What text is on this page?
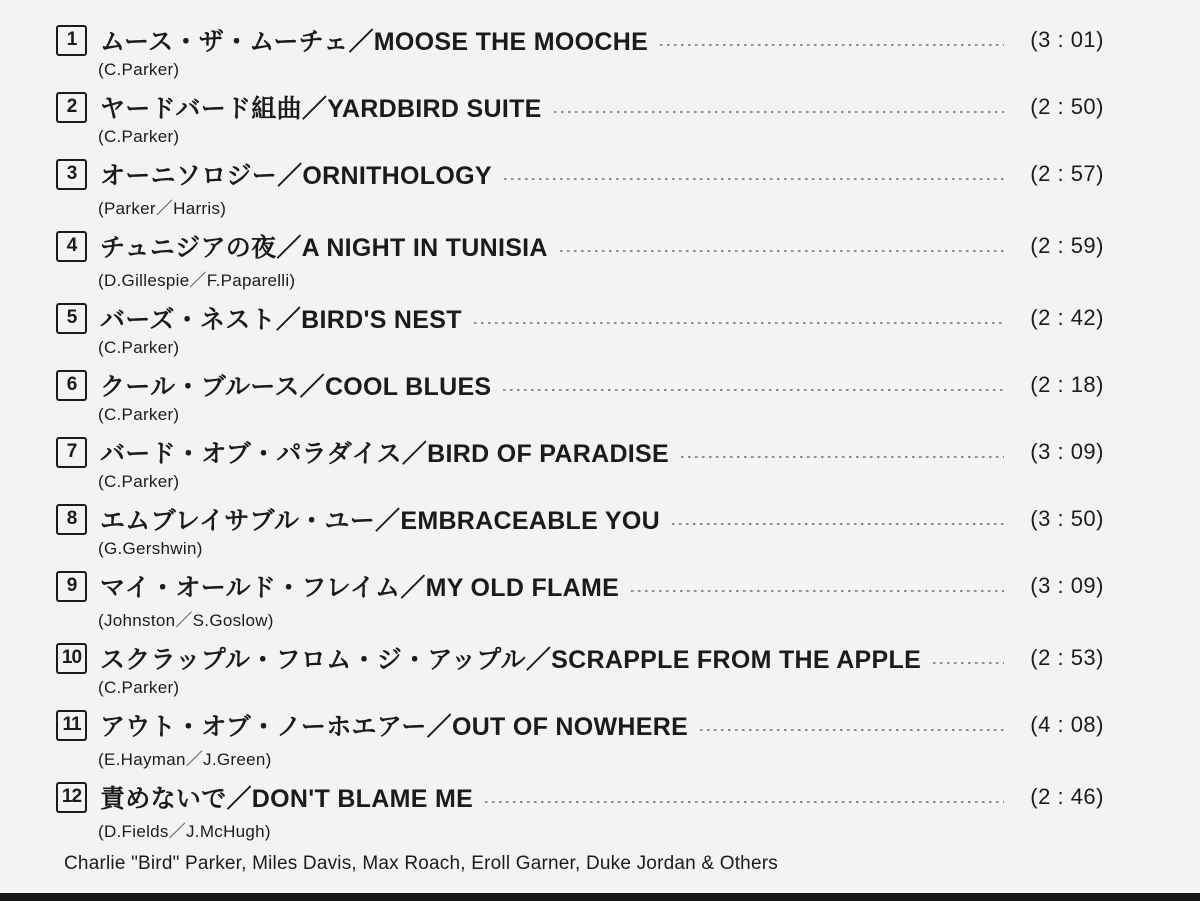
1 ムース・ザ・ムーチェ／MOOSE THE MOOCHE	(3 : 01)
(C.Parker)
2 ヤードバード組曲／YARDBIRD SUITE	(2 : 50)
(C.Parker)
3 オーニソロジー／ORNITHOLOGY	(2 : 57)
(Parker／Harris)
4 チュニジアの夜／A NIGHT IN TUNISIA	(2 : 59)
(D.Gillespie／F.Paparelli)
5 バーズ・ネスト／BIRD'S NEST	(2 : 42)
(C.Parker)
6 クール・ブルース／COOL BLUES	(2 : 18)
(C.Parker)
7 バード・オブ・パラダイス／BIRD OF PARADISE	(3 : 09)
(C.Parker)
8 エムブレイサブル・ユー／EMBRACEABLE YOU	(3 : 50)
(G.Gershwin)
9 マイ・オールド・フレイム／MY OLD FLAME	(3 : 09)
(Johnston／S.Goslow)
10 スクラップル・フロム・ジ・アップル／SCRAPPLE FROM THE APPLE	(2 : 53)
(C.Parker)
11 アウト・オブ・ノーホエアー／OUT OF NOWHERE	(4 : 08)
(E.Hayman／J.Green)
12 責めないで／DON'T BLAME ME	(2 : 46)
(D.Fields／J.McHugh)
Charlie "Bird" Parker, Miles Davis, Max Roach, Eroll Garner, Duke Jordan & Others
